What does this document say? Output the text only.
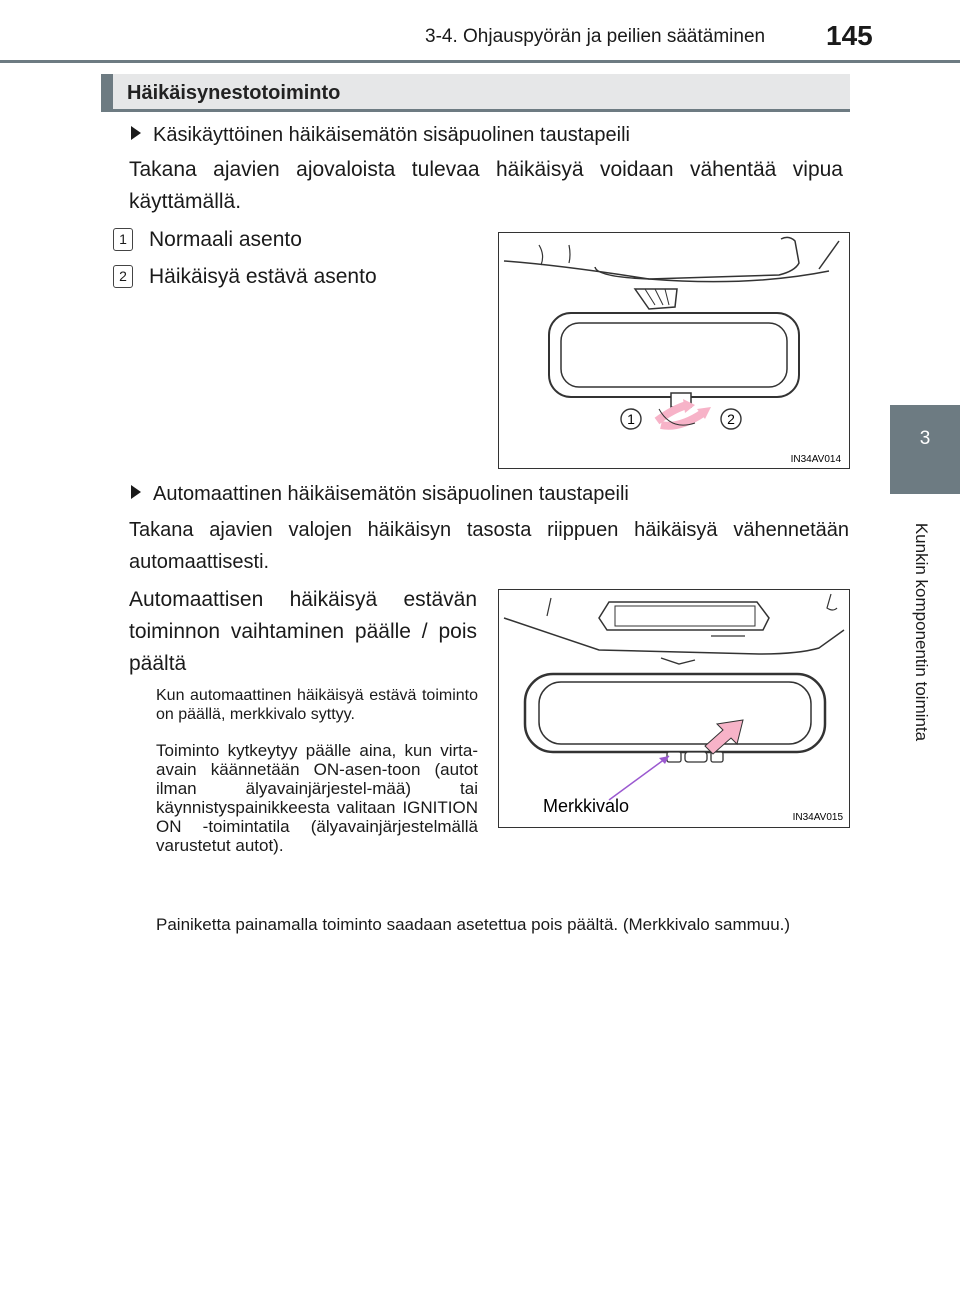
3-4. Ohjauspyörän ja peilien säätäminen 145
3
Kunkin komponentin toiminta
Häikäisynestotoiminto
Käsikäyttöinen häikäisemätön sisäpuolinen taustapeili
Takana ajavien ajovaloista tulevaa häikäisyä voidaan vähentää vipua käyttämällä.
1 Normaali asento
2 Häikäisyä estävä asento
1	2
IN34AV014
Automaattinen häikäisemätön sisäpuolinen taustapeili
Takana ajavien valojen häikäisyn tasosta riippuen häikäisyä vähennetään automaattisesti.
Automaattisen häikäisyä estävän toiminnon vaihtaminen päälle / pois päältä
Kun automaattinen häikäisyä estävä toiminto on päällä, merkkivalo syttyy.
Toiminto kytkeytyy päälle aina, kun virta-avain käännetään ON-asen-toon (autot ilman älyavainjärjestel-mää) tai käynnistyspainikkeesta valitaan IGNITION ON -toimintatila (älyavainjärjestelmällä varustetut autot).
Painiketta painamalla toiminto saadaan asetettua pois päältä. (Merkkivalo sammuu.)
Merkkivalo
IN34AV015
